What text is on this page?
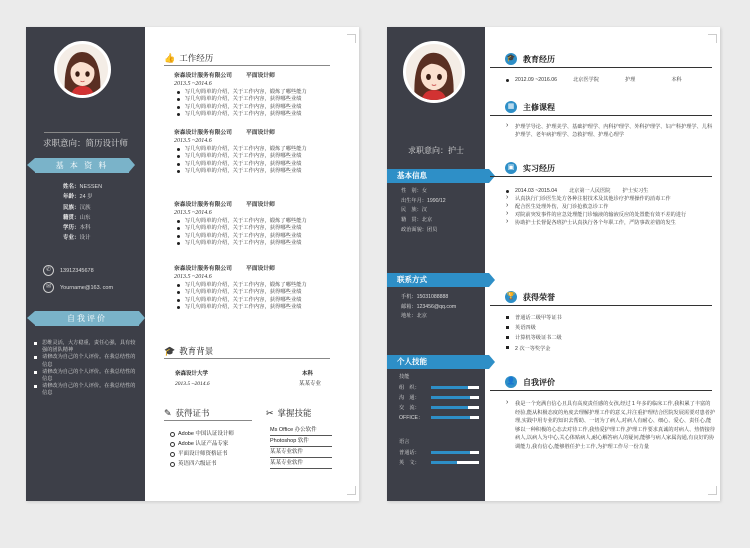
求职意向：简历设计师
基 本 资 料
姓名：NESSEN
年龄：24 岁
民族：汉族
籍贯：山东
学历：本科
专业：设计
✆	13912345678
✉	Yourname@163. com
自我评价
思维灵活，大方稳重，责任心强，具有较强的团队精神
请修改为自己的个人评价。在我总结性的信息
请修改为自己的个人评价。在我总结性的信息
请修改为自己的个人评价。在我总结性的信息
👍 工作经历
奈森设计服务有限公司 平面设计师
2013.5 ~2014.6
写几句简单的介绍，关于工作内容，锻炼了哪些能力
写几句简单的介绍，关于工作内容，获得哪些业绩
写几句简单的介绍，关于工作内容，获得哪些业绩
写几句简单的介绍，关于工作内容，获得哪些业绩
奈森设计服务有限公司 平面设计师
2013.5 ~2014.6
写几句简单的介绍，关于工作内容，锻炼了哪些能力
写几句简单的介绍，关于工作内容，获得哪些业绩
写几句简单的介绍，关于工作内容，获得哪些业绩
写几句简单的介绍，关于工作内容，获得哪些业绩
奈森设计服务有限公司 平面设计师
2013.5 ~2014.6
写几句简单的介绍，关于工作内容，锻炼了哪些能力
写几句简单的介绍，关于工作内容，获得哪些业绩
写几句简单的介绍，关于工作内容，获得哪些业绩
写几句简单的介绍，关于工作内容，获得哪些业绩
奈森设计服务有限公司 平面设计师
2013.5 ~2014.6
写几句简单的介绍，关于工作内容，锻炼了哪些能力
写几句简单的介绍，关于工作内容，获得哪些业绩
写几句简单的介绍，关于工作内容，获得哪些业绩
写几句简单的介绍，关于工作内容，获得哪些业绩
🎓 教育背景
奈森设计大学	本科
2013.5 ~2014.6	某某专业
✎ 获得证书
Adobe 中国认证设计师
Adobe 认证产品专家
平面设计师资格证书
英语四六级证书
✂ 掌握技能
Ms Office 办公软件
Photoshop 软件
某某专业软件
某某专业软件
求职意向：护士
基本信息
性　别：女
出生年月：1990/12
民　族：汉
籍　贯：北京
政治面貌：团员
联系方式
手机：15031088888
邮箱：123456@qq.com
地址：北京
个人技能
技能
组　织：
沟　通：
交　流：
OFFICE：
语言
普通话：
英　文：
🎓 教育经历
2012.09 ~2016.06	北京医学院	护理	本科
▦	主修课程
› 护理学导论、护理美学、基础护理学、内科护理学、外科护理学、妇产科护理学、儿科护理学、老年病护理学、急救护理、护理心理学
▣	实习经历
2014.03 ~2015.04 北京第一人民医院 护士实习生
› 认真执行门诊医生处方各种注射技术及其他诊疗护理操作的消毒工作
› 配合医生处理外伤，及门诊抢救急诊工作
› 对院前突发事件的应急处理能门诊输液的输液反应的处置能有效不差的进行
› 协助护士长督促各班护士认真执行各个年职工作，严防事故差错的发生
🏆 获得荣誉
普通话二级甲等证书
英语四级
计算机等级证书二级
2 次一等奖学金
👤 自我评价
› 我是一个充满自信心且具有高度责任感的女孩,经过 1 年多的临床工作,我积累了丰富的经验,能从积极态度的角度去理解护理工作的意义,并注重护理结合医院发展需要对患者护理,实践中用专业的知识去帮助、一切为了病人,对病人有耐心、细心、爱心、责任心,能够以一种积极的心态去对待工作,我热爱护理工作,护理工作要求真诚的对病人、热情接待病人,以病人为中心,关心体贴病人,耐心解答病人的疑问,能够与病人家属沟通,有良好的协调能力,我有信心,能够胜任护士工作,为护理工作尽一份力量
